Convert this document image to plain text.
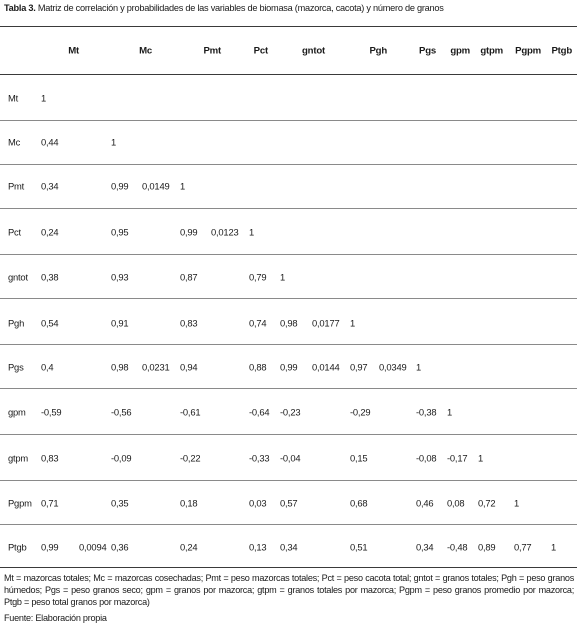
Tabla 3. Matriz de correlación y probabilidades de las variables de biomasa (mazorca, cacota) y número de granos
Mt	Mc	Pmt	Pct	gntot	Pgh	Pgs gpm gtpm Pgpm Ptgb
Mt 1
Mc 0,44	1
Pmt 0,34	0,99 0,0149 1
Pct 0,24	0,95	0,99 0,0123 1
gntot 0,38	0,93	0,87	0,79 1
Pgh 0,54	0,91	0,83	0,74 0,98 0,0177 1
Pgs 0,4	0,98 0,0231 0,94	0,88 0,99 0,0144 0,97 0,0349 1
gpm -0,59	-0,56	-0,61	-0,64 -0,23	-0,29	-0,38 1
gtpm 0,83	-0,09	-0,22	-0,33 -0,04	0,15	-0,08 -0,17 1
Pgpm 0,71	0,35	0,18	0,03 0,57	0,68	0,46 0,08 0,72 1
Ptgb 0,99 0,0094 0,36	0,24	0,13 0,34	0,51	0,34 -0,48 0,89 0,77 1
Mt = mazorcas totales; Mc = mazorcas cosechadas; Pmt = peso mazorcas totales; Pct = peso cacota total; gntot = granos totales; Pgh = peso granos húmedos; Pgs = peso granos seco; gpm = granos por mazorca; gtpm = granos totales por mazorca; Pgpm = peso granos promedio por mazorca; Ptgb = peso total granos por mazorca)
Fuente: Elaboración propia
